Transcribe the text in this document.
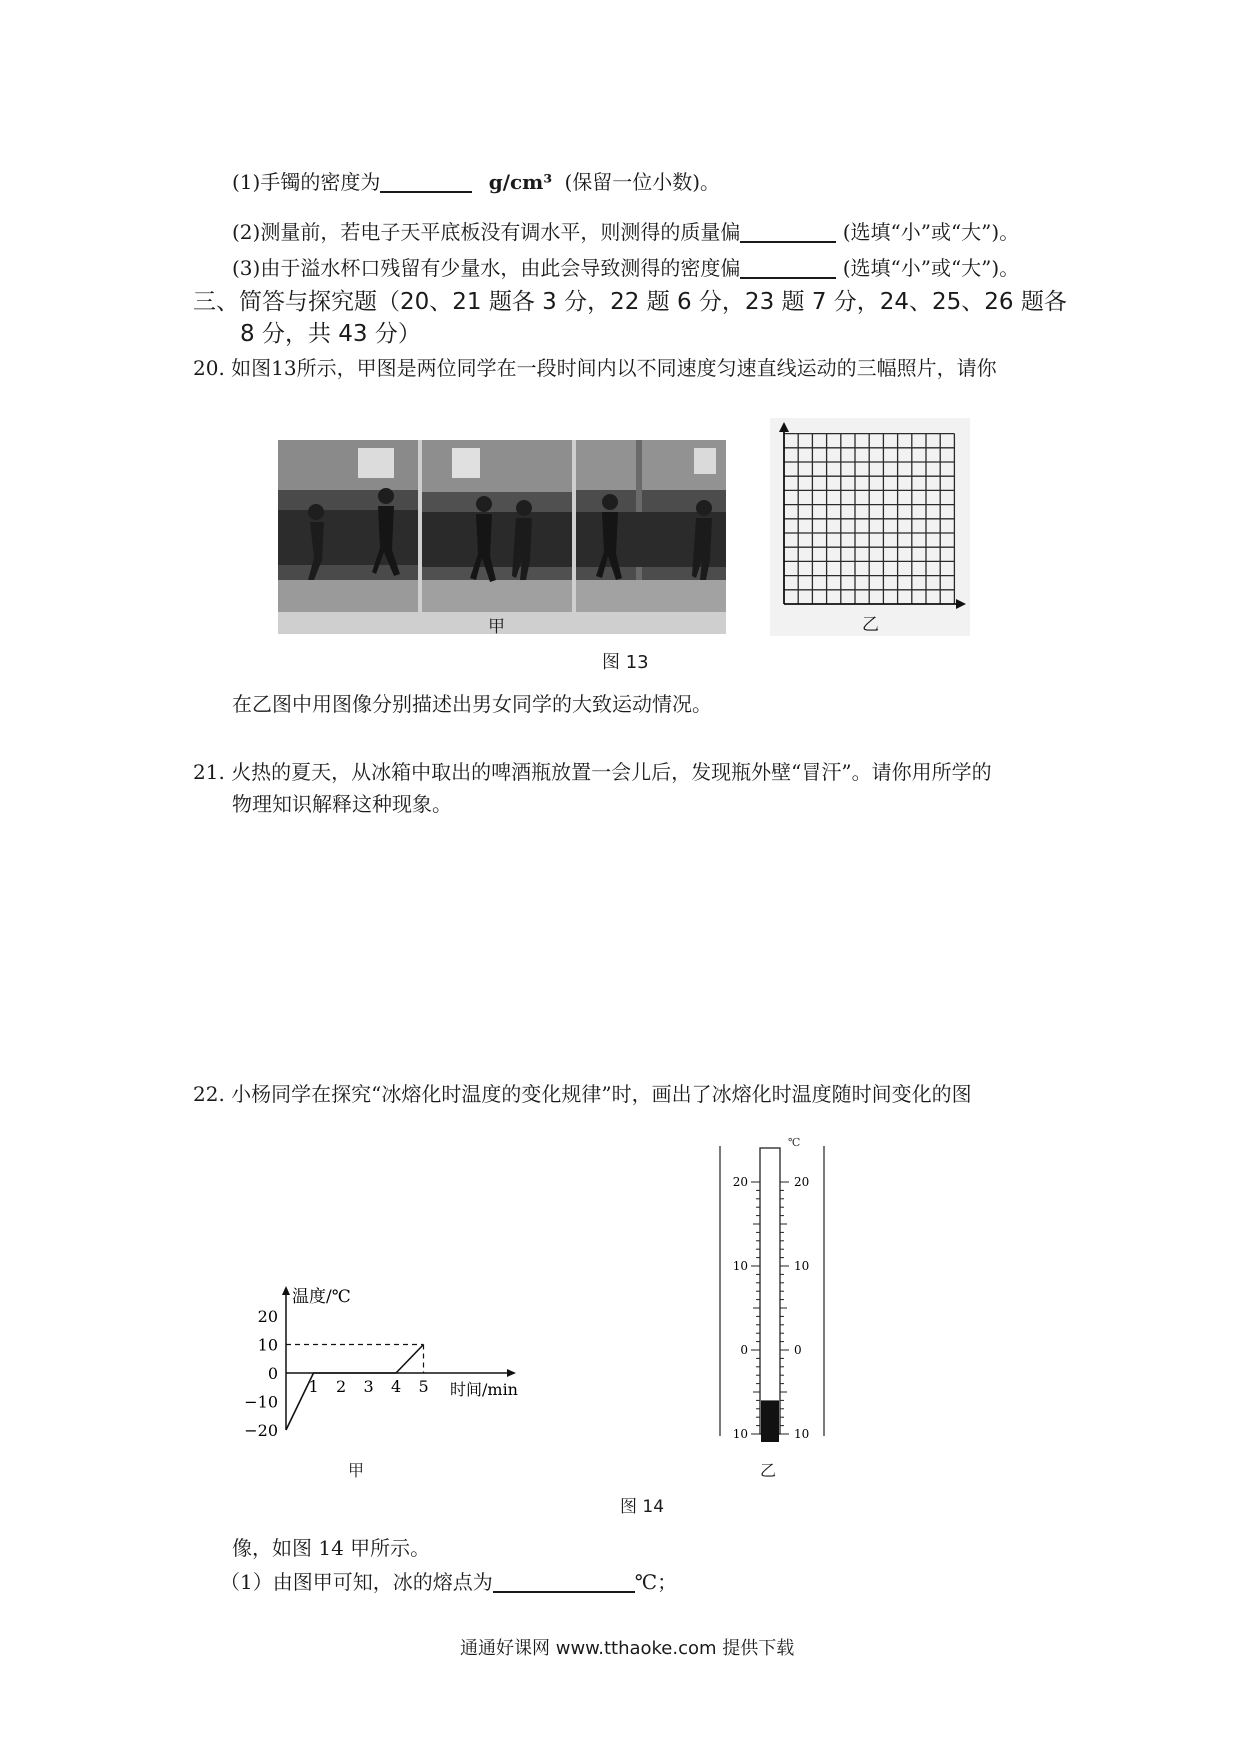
(1)手镯的密度为	g/cm³ (保留一位小数)。
(2)测量前，若电子天平底板没有调水平，则测得的质量偏	(选填“小”或“大”)。
(3)由于溢水杯口残留有少量水，由此会导致测得的密度偏	(选填“小”或“大”)。
三、简答与探究题（20、21 题各 3 分，22 题 6 分，23 题 7 分，24、25、26 题各
8 分，共 43 分）
20. 如图13所示，甲图是两位同学在一段时间内以不同速度匀速直线运动的三幅照片，请你
甲	乙
图 13
在乙图中用图像分别描述出男女同学的大致运动情况。
21. 火热的夏天，从冰箱中取出的啤酒瓶放置一会儿后，发现瓶外壁“冒汗”。请你用所学的
物理知识解释这种现象。
22. 小杨同学在探究“冰熔化时温度的变化规律”时，画出了冰熔化时温度随时间变化的图
温度/℃
时间/min
1 2 3 4 5
20
10
0
−10
−20
甲
℃
20
10
0
10
20
10
0
10
乙
图 14
像，如图 14 甲所示。
（1）由图甲可知，冰的熔点为	℃；
通通好课网 www.tthaoke.com 提供下载
